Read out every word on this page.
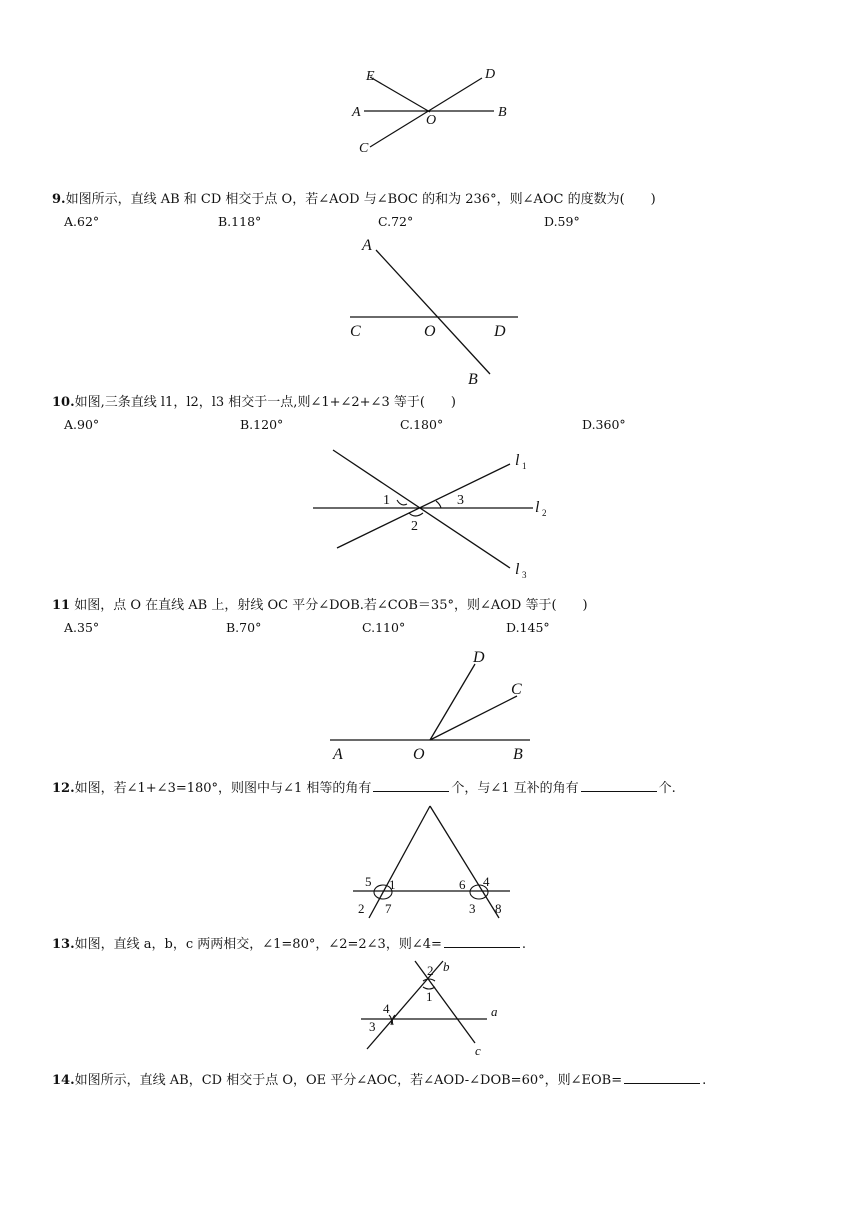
E	D
A
O
B
C
9.如图所示，直线 AB 和 CD 相交于点 O，若∠AOD 与∠BOC 的和为 236°，则∠AOC 的度数为(　　)
A.62°	B.118°	C.72°	D.59°
A
C	O	D
B
10.如图,三条直线 l1，l2，l3 相交于一点,则∠1+∠2+∠3 等于(　　)
A.90°	B.120°	C.180°	D.360°
1
2
3
l 1
l 2
l 3
11 如图，点 O 在直线 AB 上，射线 OC 平分∠DOB.若∠COB＝35°，则∠AOD 等于(　　)
A.35°	B.70°	C.110°	D.145°
D
C
A	O	B
12.如图，若∠1+∠3=180°，则图中与∠1 相等的角有	个，与∠1 互补的角有	个.
5 1
2 7
6 4
3 8
13.如图，直线 a，b，c 两两相交，∠1=80°，∠2=2∠3，则∠4=	.
2
1
4
3
b
a
c
14.如图所示，直线 AB，CD 相交于点 O，OE 平分∠AOC，若∠AOD-∠DOB=60°，则∠EOB=	.
